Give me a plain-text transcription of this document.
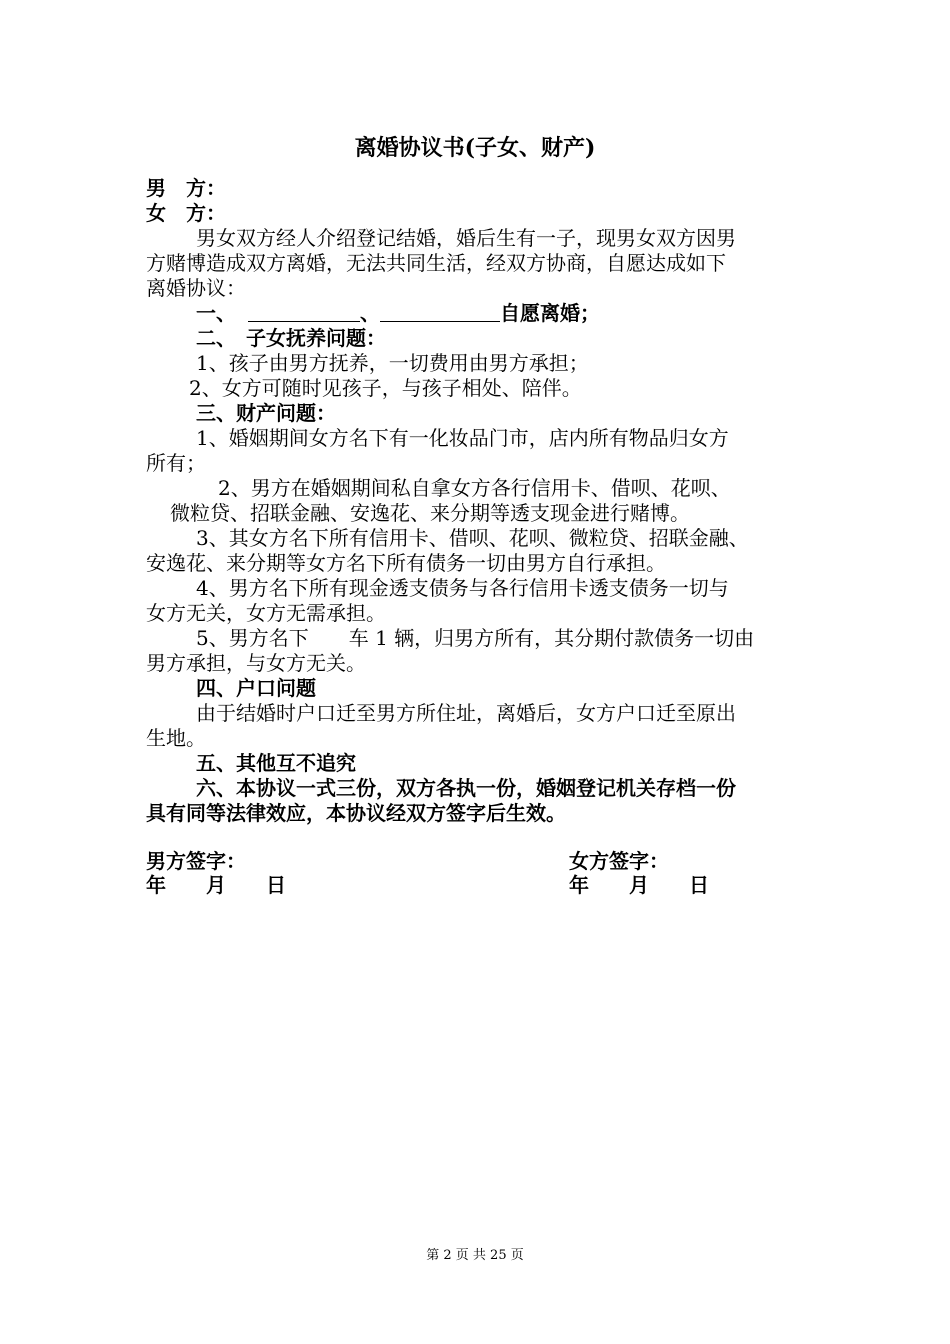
离婚协议书(子女、财产)
男　方：
女　方：
男女双方经人介绍登记结婚，婚后生有一子，现男女双方因男
方赌博造成双方离婚，无法共同生活，经双方协商，自愿达成如下
离婚协议：
一、	、	自愿离婚；
二、　子女抚养问题：
1、孩子由男方抚养，一切费用由男方承担；
2、女方可随时见孩子，与孩子相处、陪伴。
三、财产问题：
1、婚姻期间女方名下有一化妆品门市，店内所有物品归女方
所有；
2、男方在婚姻期间私自拿女方各行信用卡、借呗、花呗、
微粒贷、招联金融、安逸花、来分期等透支现金进行赌博。
3、其女方名下所有信用卡、借呗、花呗、微粒贷、招联金融、
安逸花、来分期等女方名下所有债务一切由男方自行承担。
4、男方名下所有现金透支债务与各行信用卡透支债务一切与
女方无关，女方无需承担。
5、男方名下　　车 1 辆，归男方所有，其分期付款债务一切由
男方承担，与女方无关。
四、户口问题
由于结婚时户口迁至男方所住址，离婚后，女方户口迁至原出
生地。
五、其他互不追究
六、本协议一式三份，双方各执一份，婚姻登记机关存档一份
具有同等法律效应，本协议经双方签字后生效。
男方签字：	女方签字：
年　　月　　日	年　　月　　日
第 2 页 共 25 页
